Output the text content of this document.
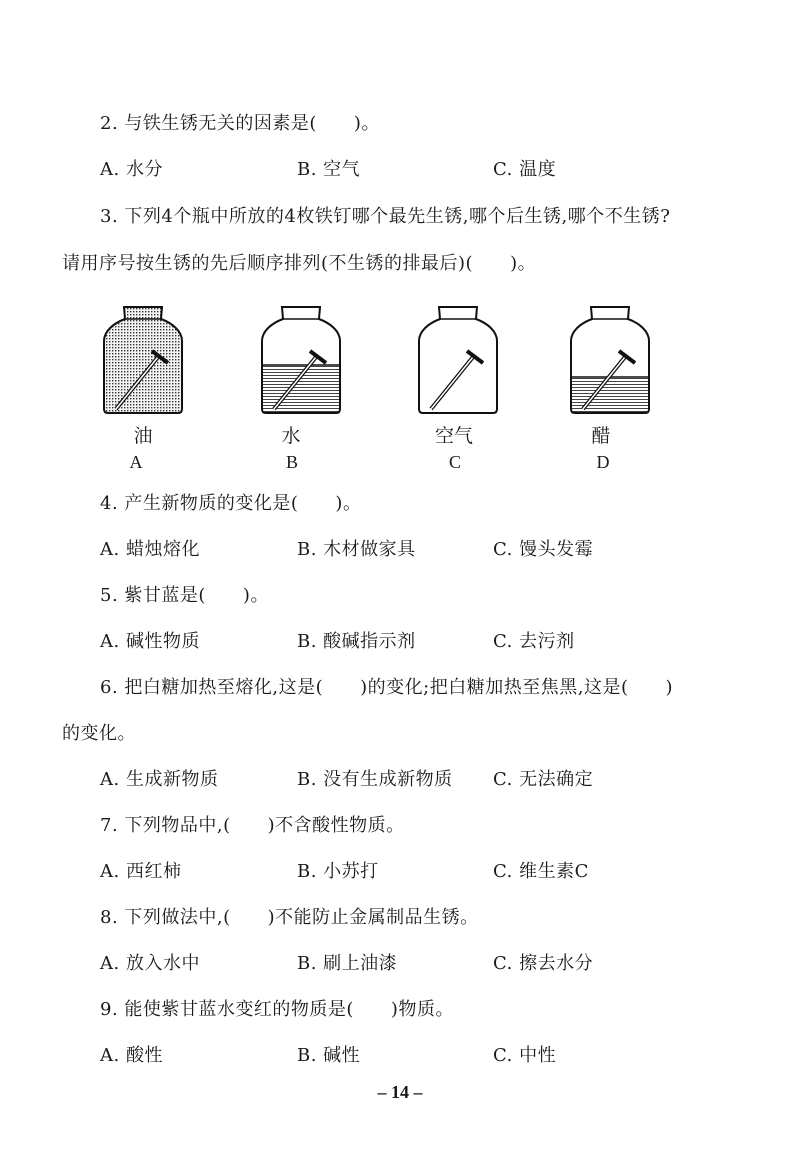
2. 与铁生锈无关的因素是(　　)。
A. 水分	B. 空气	C. 温度
3. 下列4个瓶中所放的4枚铁钉哪个最先生锈,哪个后生锈,哪个不生锈?
请用序号按生锈的先后顺序排列(不生锈的排最后)(　　)。
油
A
水
B
空气
C
醋
D
4. 产生新物质的变化是(　　)。
A. 蜡烛熔化	B. 木材做家具	C. 馒头发霉
5. 紫甘蓝是(　　)。
A. 碱性物质	B. 酸碱指示剂	C. 去污剂
6. 把白糖加热至熔化,这是(　　)的变化;把白糖加热至焦黑,这是(　　)
的变化。
A. 生成新物质	B. 没有生成新物质 C. 无法确定
7. 下列物品中,(　　)不含酸性物质。
A. 西红柿	B. 小苏打	C. 维生素C
8. 下列做法中,(　　)不能防止金属制品生锈。
A. 放入水中	B. 刷上油漆	C. 擦去水分
9. 能使紫甘蓝水变红的物质是(　　)物质。
A. 酸性	B. 碱性	C. 中性
– 14 –
